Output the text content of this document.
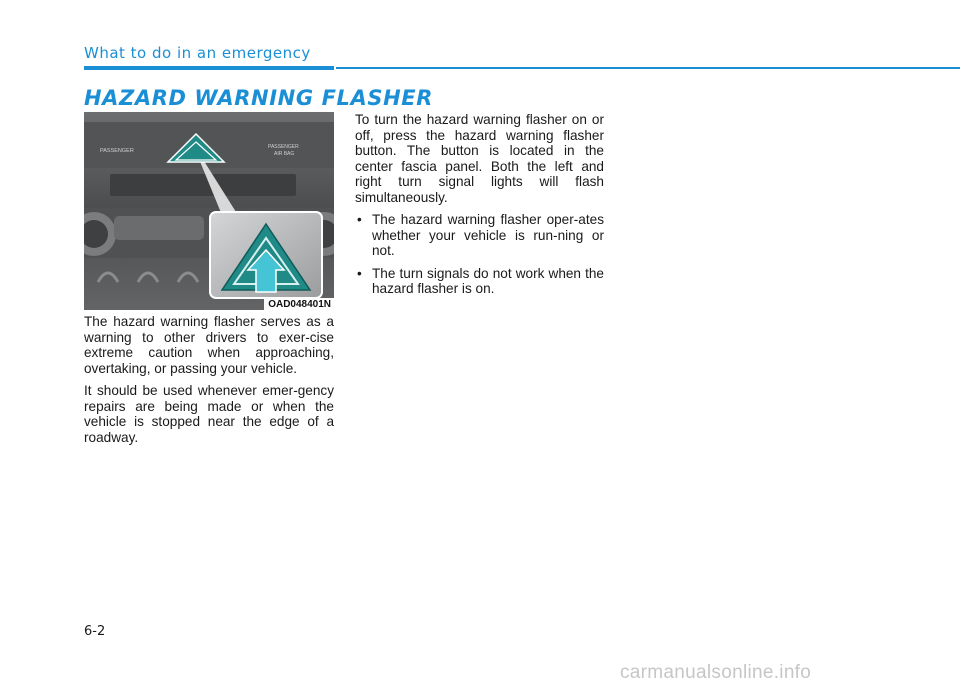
What to do in an emergency
HAZARD WARNING FLASHER
PASSENGER
PASSENGER
AIR BAG
OAD048401N

The hazard warning flasher serves as a warning to other drivers to exer-cise extreme caution when approaching, overtaking, or passing your vehicle.

It should be used whenever emer-gency repairs are being made or when the vehicle is stopped near the edge of a roadway.

To turn the hazard warning flasher on or off, press the hazard warning flasher button. The button is located in the center fascia panel. Both the left and right turn signal lights will flash simultaneously.

• The hazard warning flasher oper-ates whether your vehicle is run-ning or not.
• The turn signals do not work when the hazard flasher is on.
6-2
carmanualsonline.info
